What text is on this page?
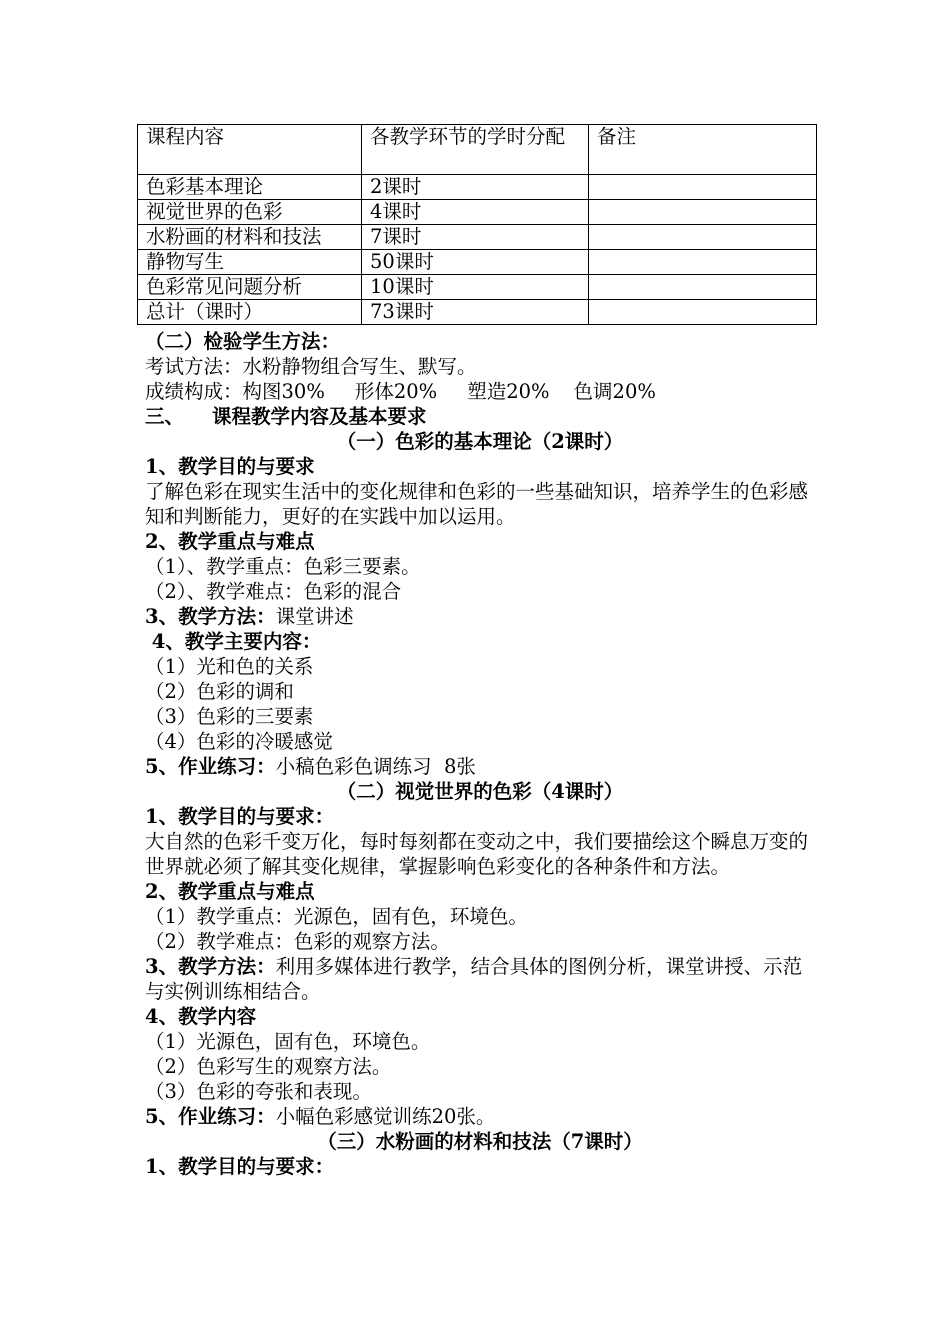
课程内容	各教学环节的学时分配	备注
色彩基本理论	2课时	
视觉世界的色彩	4课时	
水粉画的材料和技法	7课时	
静物写生	50课时	
色彩常见问题分析	10课时	
总计（课时）	73课时	
（二）检验学生方法：
考试方法：水粉静物组合写生、默写。
成绩构成：构图30% 形体20% 塑造20% 色调20%
三、 课程教学内容及基本要求
（一）色彩的基本理论（2课时）
1、教学目的与要求
了解色彩在现实生活中的变化规律和色彩的一些基础知识，培养学生的色彩感知和判断能力，更好的在实践中加以运用。
2、教学重点与难点
（1）、教学重点：色彩三要素。
（2）、教学难点：色彩的混合
3、教学方法：课堂讲述
4、教学主要内容：
（1）光和色的关系
（2）色彩的调和
（3）色彩的三要素
（4）色彩的冷暖感觉
5、作业练习：小稿色彩色调练习  8张
（二）视觉世界的色彩（4课时）
1、教学目的与要求：
大自然的色彩千变万化，每时每刻都在变动之中，我们要描绘这个瞬息万变的世界就必须了解其变化规律，掌握影响色彩变化的各种条件和方法。
2、教学重点与难点
（1）教学重点：光源色，固有色，环境色。
（2）教学难点：色彩的观察方法。
3、教学方法：利用多媒体进行教学，结合具体的图例分析，课堂讲授、示范与实例训练相结合。
4、教学内容
（1）光源色，固有色，环境色。
（2）色彩写生的观察方法。
（3）色彩的夸张和表现。
5、作业练习：小幅色彩感觉训练20张。
（三）水粉画的材料和技法（7课时）
1、教学目的与要求：
